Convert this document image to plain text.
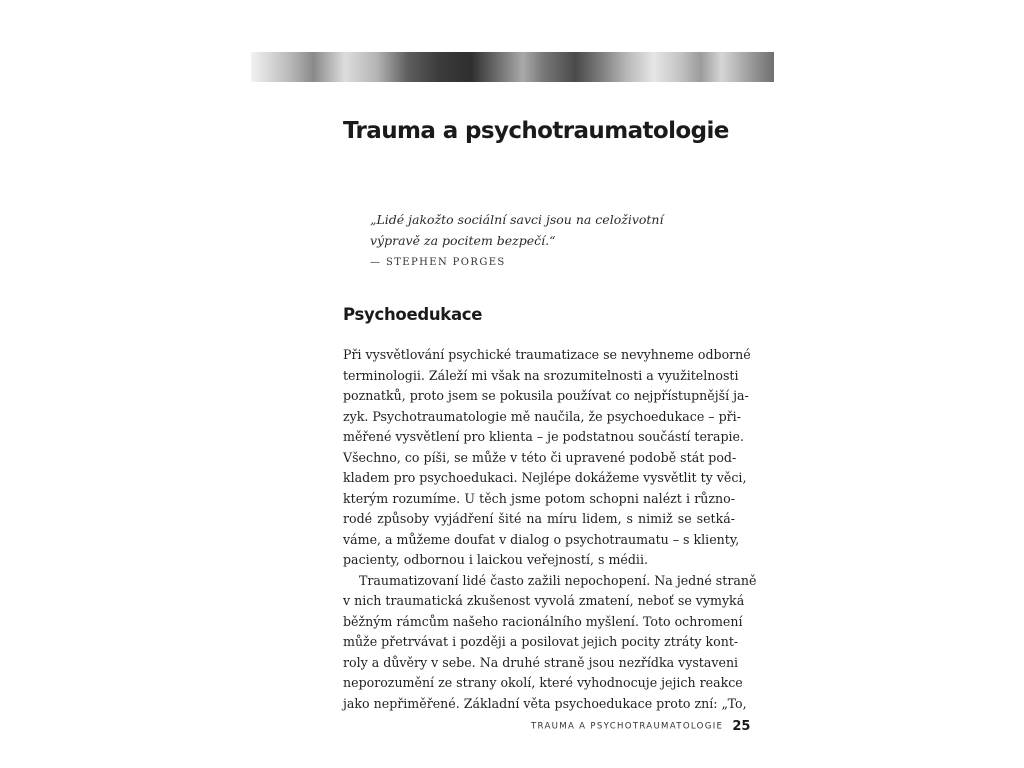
Trauma a psychotraumatologie

„Lidé jakožto sociální savci jsou na celoživotní
výpravě za pocitem bezpečí.“

— STEPHEN PORGES

Psychoedukace
Při vysvětlování psychické traumatizace se nevyhneme odborné
terminologii. Záleží mi však na srozumitelnosti a využitelnosti
poznatků, proto jsem se pokusila používat co nejpřístupnější ja-
zyk. Psychotraumatologie mě naučila, že psychoedukace – při-
měřené vysvětlení pro klienta – je podstatnou součástí terapie.
Všechno, co píši, se může v této či upravené podobě stát pod-
kladem pro psychoedukaci. Nejlépe dokážeme vysvětlit ty věci,
kterým rozumíme. U těch jsme potom schopni nalézt i různo-
rodé způsoby vyjádření šité na míru lidem, s nimiž se setká-
váme, a můžeme doufat v dialog o psychotraumatu – s klienty,
pacienty, odbornou i laickou veřejností, s médii.
Traumatizovaní lidé často zažili nepochopení. Na jedné straně
v nich traumatická zkušenost vyvolá zmatení, neboť se vymyká
běžným rámcům našeho racionálního myšlení. Toto ochromení
může přetrvávat i později a posilovat jejich pocity ztráty kont-
roly a důvěry v sebe. Na druhé straně jsou nezřídka vystaveni
neporozumění ze strany okolí, které vyhodnocuje jejich reakce
jako nepřiměřené. Základní věta psychoedukace proto zní: „To,
TRAUMA A PSYCHOTRAUMATOLOGIE 25
